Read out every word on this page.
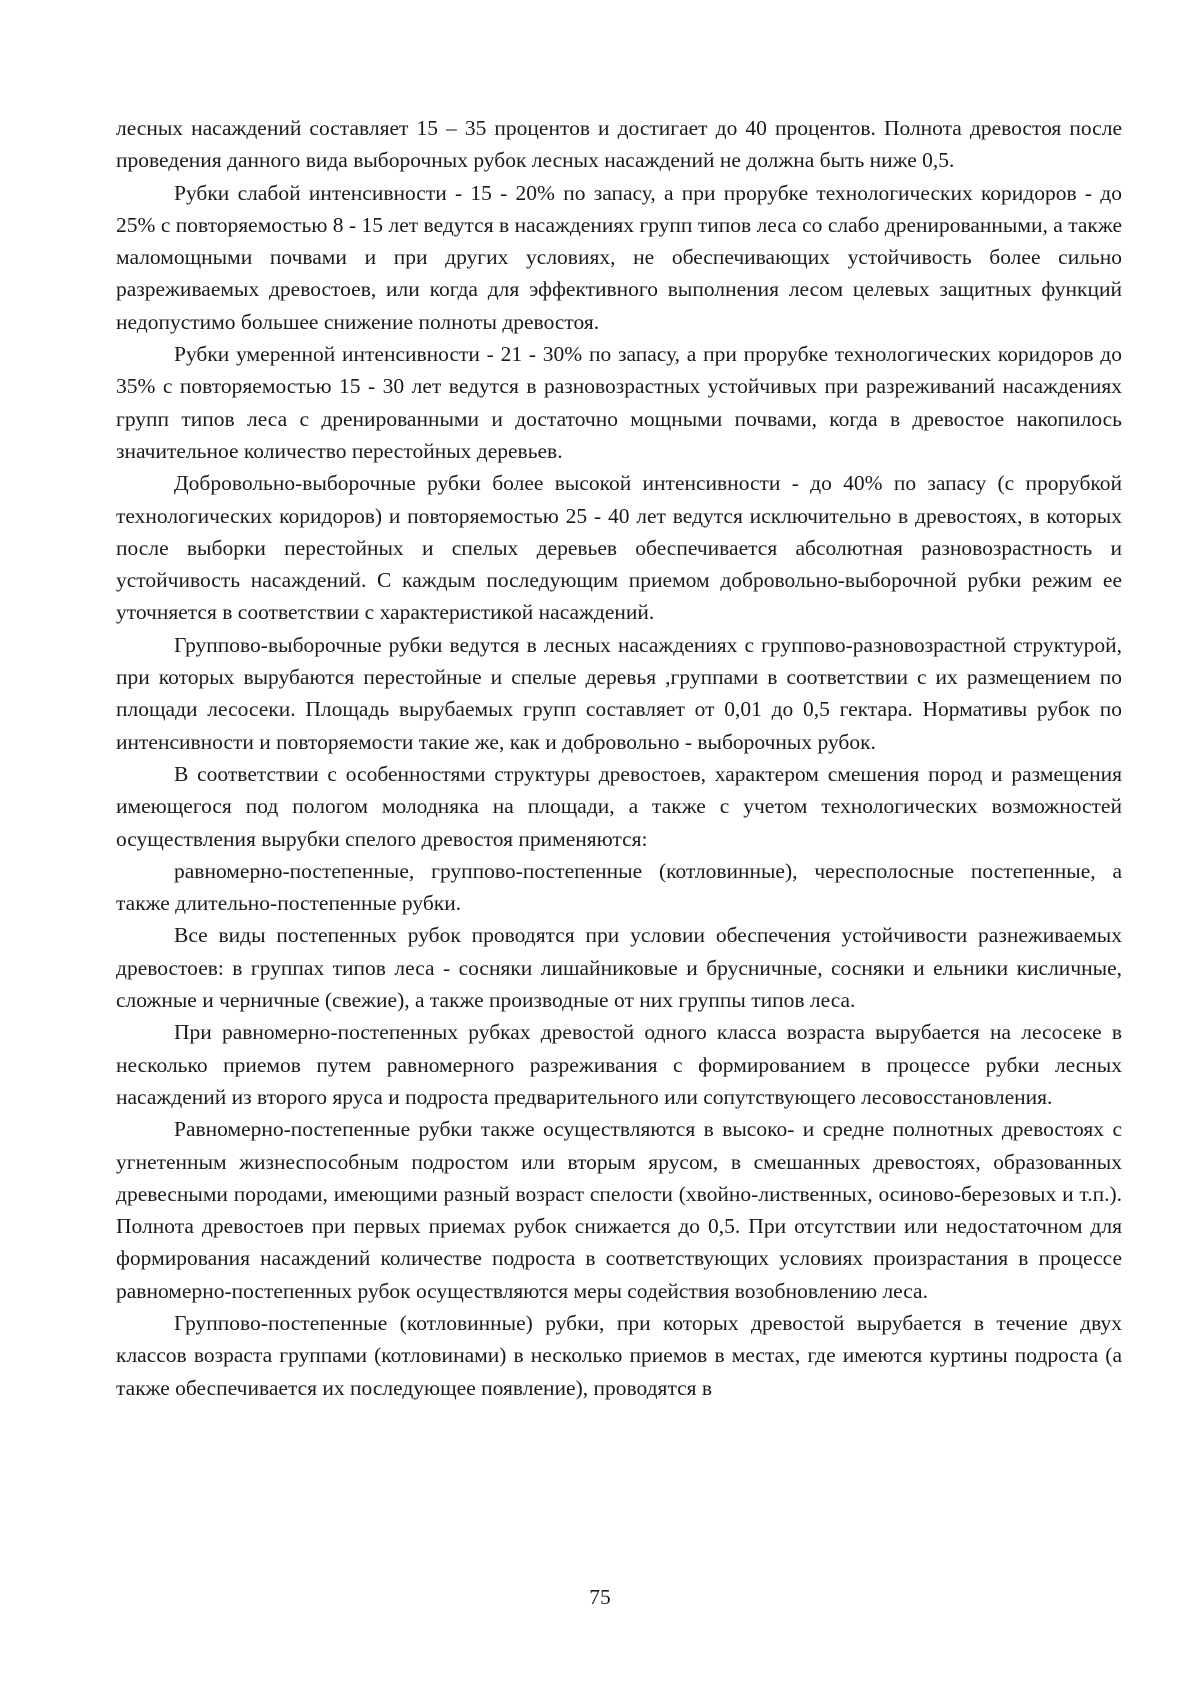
лесных насаждений составляет 15 – 35 процентов и достигает до 40 процентов. Полнота древостоя после проведения данного вида выборочных рубок лесных насаждений не должна быть ниже 0,5.

Рубки слабой интенсивности - 15 - 20% по запасу, а при прорубке технологических коридоров - до 25% с повторяемостью 8 - 15 лет ведутся в насаждениях групп типов леса со слабо дренированными, а также маломощными почвами и при других условиях, не обеспечивающих устойчивость более сильно разреживаемых древостоев, или когда для эффективного выполнения лесом целевых защитных функций недопустимо большее снижение полноты древостоя.

Рубки умеренной интенсивности - 21 - 30% по запасу, а при прорубке технологических коридоров до 35% с повторяемостью 15 - 30 лет ведутся в разновозрастных устойчивых при разреживаний насаждениях групп типов леса с дренированными и достаточно мощными почвами, когда в древостое накопилось значительное количество перестойных деревьев.

Добровольно-выборочные рубки более высокой интенсивности - до 40% по запасу (с прорубкой технологических коридоров) и повторяемостью 25 - 40 лет ведутся исключительно в древостоях, в которых после выборки перестойных и спелых деревьев обеспечивается абсолютная разновозрастность и устойчивость насаждений. С каждым последующим приемом добровольно-выборочной рубки режим ее уточняется в соответствии с характеристикой насаждений.

Группово-выборочные рубки ведутся в лесных насаждениях с группово-разновозрастной структурой, при которых вырубаются перестойные и спелые деревья ,группами в соответствии с их размещением по площади лесосеки. Площадь вырубаемых групп составляет от 0,01 до 0,5 гектара. Нормативы рубок по интенсивности и повторяемости такие же, как и добровольно - выборочных рубок.

В соответствии с особенностями структуры древостоев, характером смешения пород и размещения имеющегося под пологом молодняка на площади, а также с учетом технологических возможностей осуществления вырубки спелого древостоя применяются:

равномерно-постепенные, группово-постепенные (котловинные), чересполосные постепенные, а также длительно-постепенные рубки.

Все виды постепенных рубок проводятся при условии обеспечения устойчивости разнеживаемых древостоев: в группах типов леса - сосняки лишайниковые и брусничные, сосняки и ельники кисличные, сложные и черничные (свежие), а также производные от них группы типов леса.

При равномерно-постепенных рубках древостой одного класса возраста вырубается на лесосеке в несколько приемов путем равномерного разреживания с формированием в процессе рубки лесных насаждений из второго яруса и подроста предварительного или сопутствующего лесовосстановления.

Равномерно-постепенные рубки также осуществляются в высоко- и средне полнотных древостоях с угнетенным жизнеспособным подростом или вторым ярусом, в смешанных древостоях, образованных древесными породами, имеющими разный возраст спелости (хвойно-лиственных, осиново-березовых и т.п.). Полнота древостоев при первых приемах рубок снижается до 0,5. При отсутствии или недостаточном для формирования насаждений количестве подроста в соответствующих условиях произрастания в процессе равномерно-постепенных рубок осуществляются меры содействия возобновлению леса.

Группово-постепенные (котловинные) рубки, при которых древостой вырубается в течение двух классов возраста группами (котловинами) в несколько приемов в местах, где имеются куртины подроста (а также обеспечивается их последующее появление), проводятся в

75
